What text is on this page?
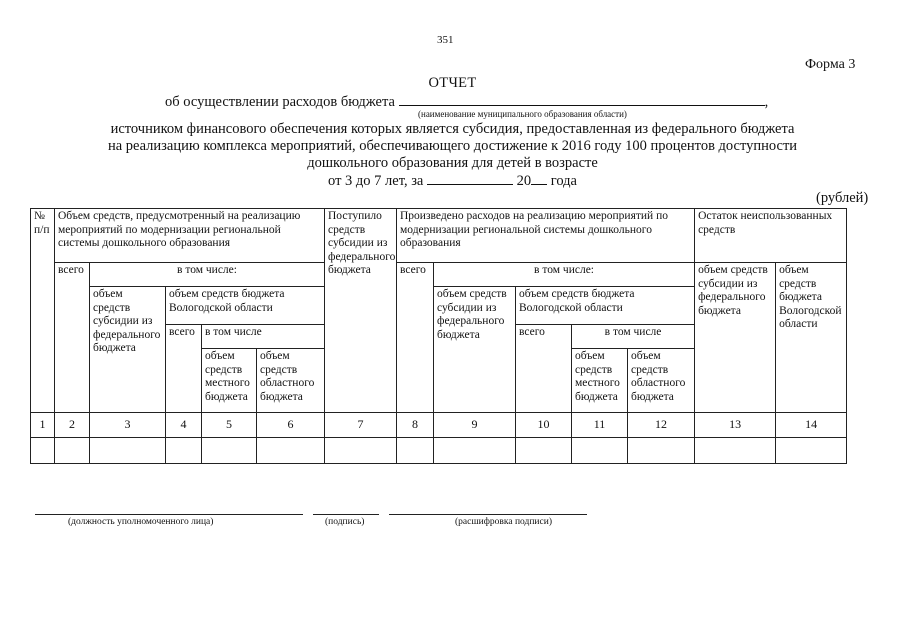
351
Форма 3
ОТЧЕТ
об осуществлении расходов бюджета	,
(наименование муниципального образования области)
источником финансового обеспечения которых является субсидия, предоставленная из федерального бюджета
на реализацию комплекса мероприятий, обеспечивающего достижение к 2016 году 100 процентов доступности
дошкольного образования для детей в возрасте
от 3 до 7 лет, за	20 года
(рублей)
№ п/п	Объем средств, предусмотренный на реализацию мероприятий по модернизации региональной системы дошкольного образования					Поступило средств субсидии из федерального бюджета	Произведено расходов на реализацию мероприятий по модернизации региональной системы дошкольного образования					Остаток неиспользованных средств	
	всего	в том числе:					всего	в том числе:				объем средств субсидии из федерального бюджета	объем средств бюджета Вологодской области
		объем средств субсидии из федерального бюджета	объем средств бюджета Вологодской области					объем средств субсидии из федерального бюджета	объем средств бюджета Вологодской области				
			всего	в том числе					всего	в том числе			
				объем средств местного бюджета	объем средств областного бюджета					объем средств местного бюджета	объем средств областного бюджета		
1	2	3	4	5	6	7	8	9	10	11	12	13	14

(должность уполномоченного лица)	(подпись)	(расшифровка подписи)
